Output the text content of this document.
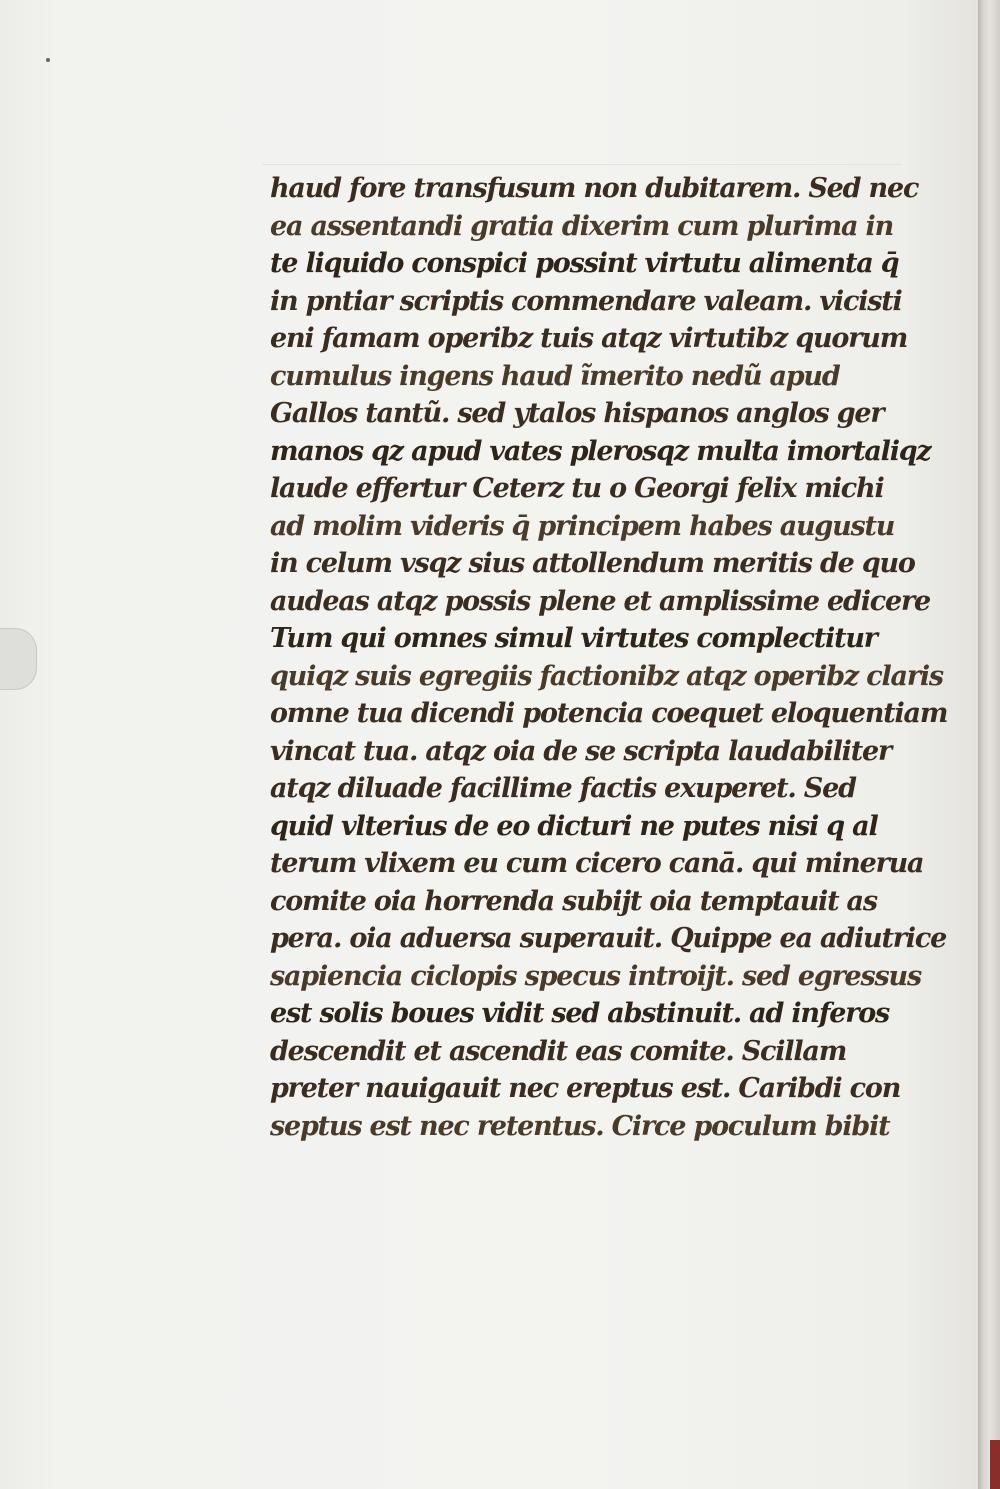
haud fore transfusum non dubitarem. Sed nec
ea assentandi gratia dixerim cum plurima in
te liquido conspici possint virtutu alimenta q̄
in pntiar scriptis commendare valeam. vicisti
eni famam operibz tuis atqz virtutibz quorum
cumulus ingens haud ĩmerito nedũ apud
Gallos tantũ. sed ytalos hispanos anglos ger
manos qz apud vates plerosqz multa imortaliqz
laude effertur Ceterz tu o Georgi felix michi
ad molim videris q̄ principem habes augustu
in celum vsqz sius attollendum meritis de quo
audeas atqz possis plene et amplissime edicere
Tum qui omnes simul virtutes complectitur
quiqz suis egregiis factionibz atqz operibz claris
omne tua dicendi potencia coequet eloquentiam
vincat tua. atqz oia de se scripta laudabiliter
atqz diluade facillime factis exuperet. Sed
quid vlterius de eo dicturi ne putes nisi q al
terum vlixem eu cum cicero canā. qui minerua
comite oia horrenda subijt oia temptauit as
pera. oia aduersa superauit. Quippe ea adiutrice
sapiencia ciclopis specus introijt. sed egressus
est solis boues vidit sed abstinuit. ad inferos
descendit et ascendit eas comite. Scillam
preter nauigauit nec ereptus est. Caribdi con
septus est nec retentus. Circe poculum bibit
